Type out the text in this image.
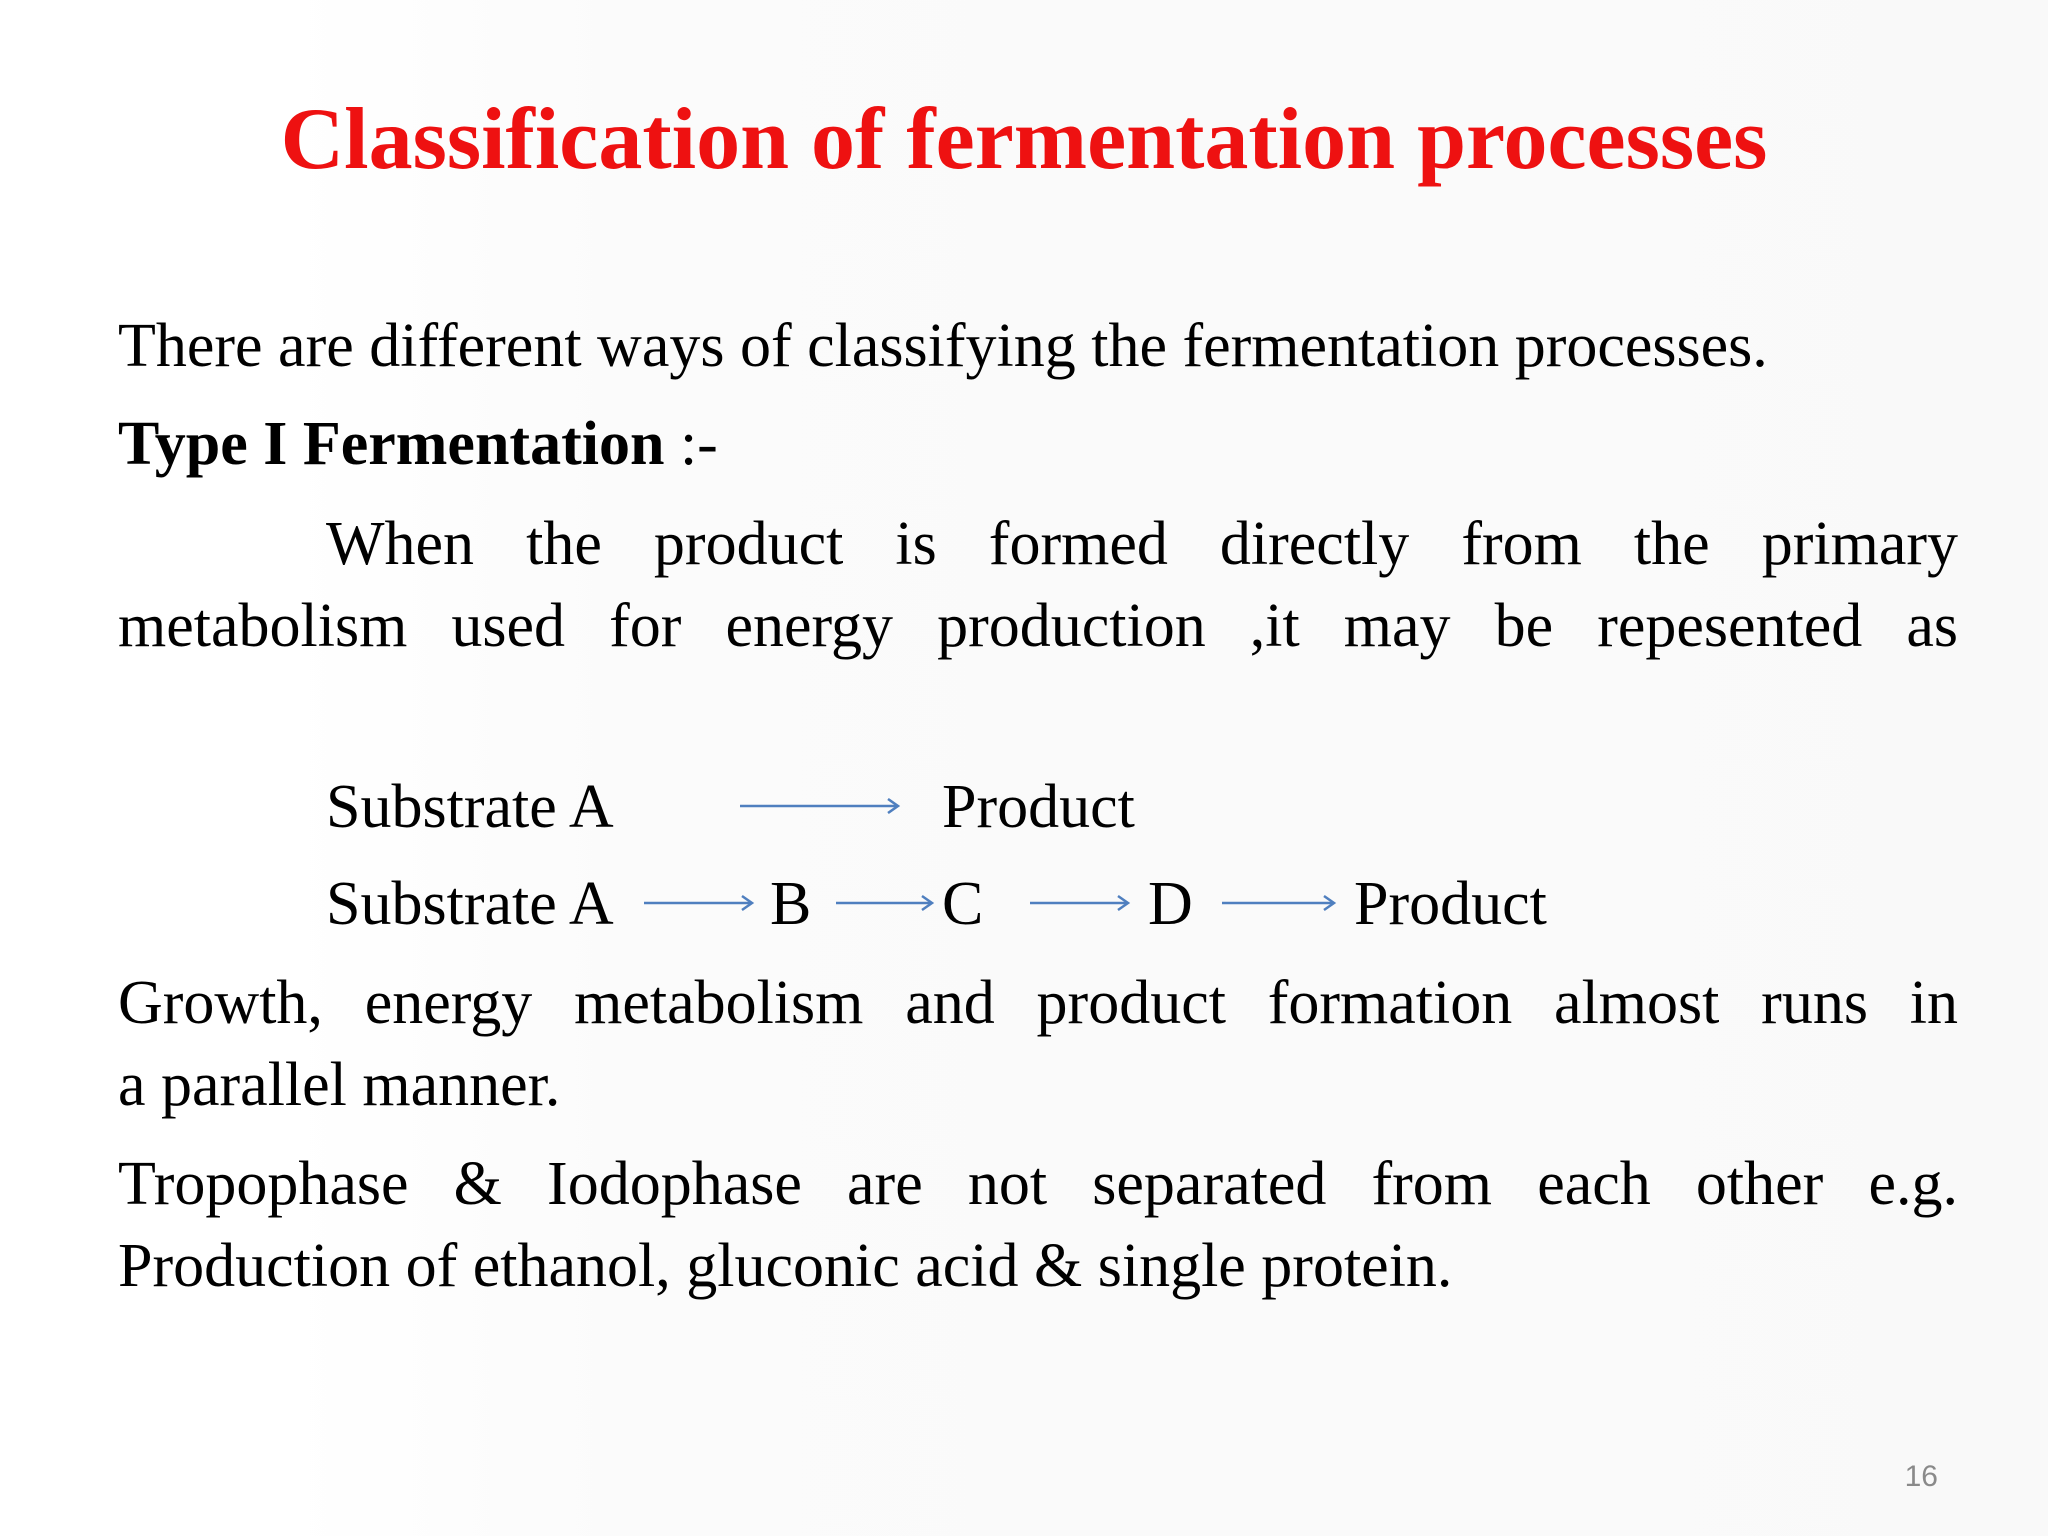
Classification of fermentation processes
There are different ways of classifying the fermentation processes.
Type I Fermentation :-
When the product is formed directly from the primary
metabolism used for energy production ,it may be repesented as
Substrate A	Product
Substrate A	B C	D	Product
Growth, energy metabolism and product formation almost runs in
a parallel manner.
Tropophase & Iodophase are not separated from each other e.g.
Production of ethanol, gluconic acid & single protein.
16
